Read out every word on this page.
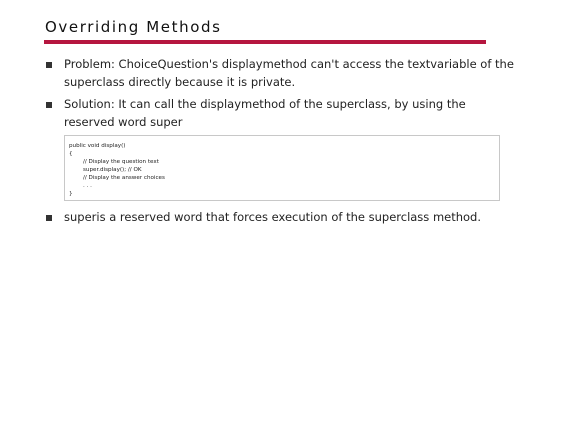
Overriding Methods
Problem: ChoiceQuestion's displaymethod can't access the textvariable of the superclass directly because it is private.
Solution: It can call the displaymethod of the superclass, by using the reserved word super
public void display()
{
// Display the question text
super.display(); // OK
// Display the answer choices
. . .
}
superis a reserved word that forces execution of the superclass method.
